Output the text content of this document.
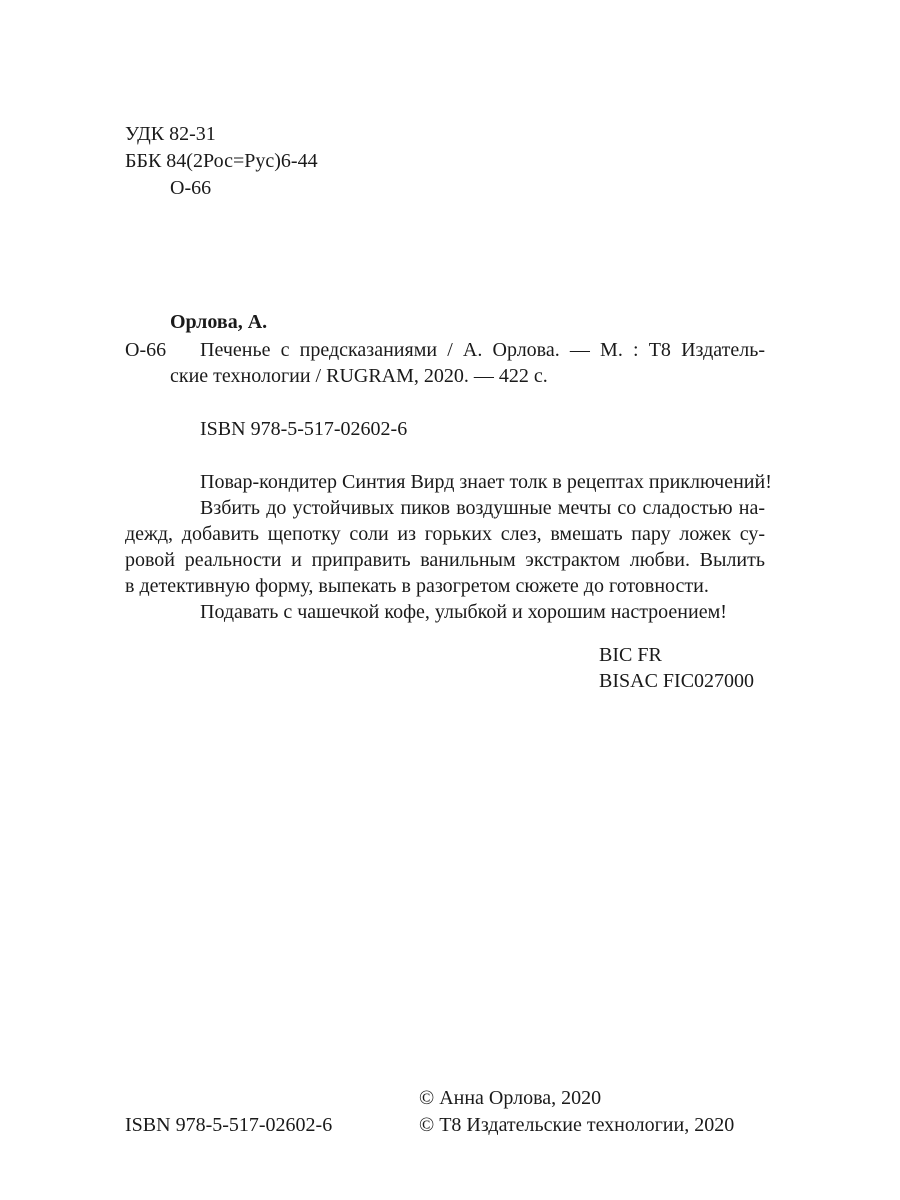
УДК 82-31
ББК 84(2Рос=Рус)6-44
О-66
Орлова, А.
О-66 Печенье с предсказаниями / А. Орлова. — М. : Т8 Издатель-
ские технологии / RUGRAM, 2020. — 422 с.
ISBN 978-5-517-02602-6
Повар-кондитер Синтия Вирд знает толк в рецептах приключений!
Взбить до устойчивых пиков воздушные мечты со сладостью на-
дежд, добавить щепотку соли из горьких слез, вмешать пару ложек су-
ровой реальности и приправить ванильным экстрактом любви. Вылить
в детективную форму, выпекать в разогретом сюжете до готовности.
Подавать с чашечкой кофе, улыбкой и хорошим настроением!
BIC FR
BISAC FIC027000
© Анна Орлова, 2020
ISBN 978-5-517-02602-6	© Т8 Издательские технологии, 2020
